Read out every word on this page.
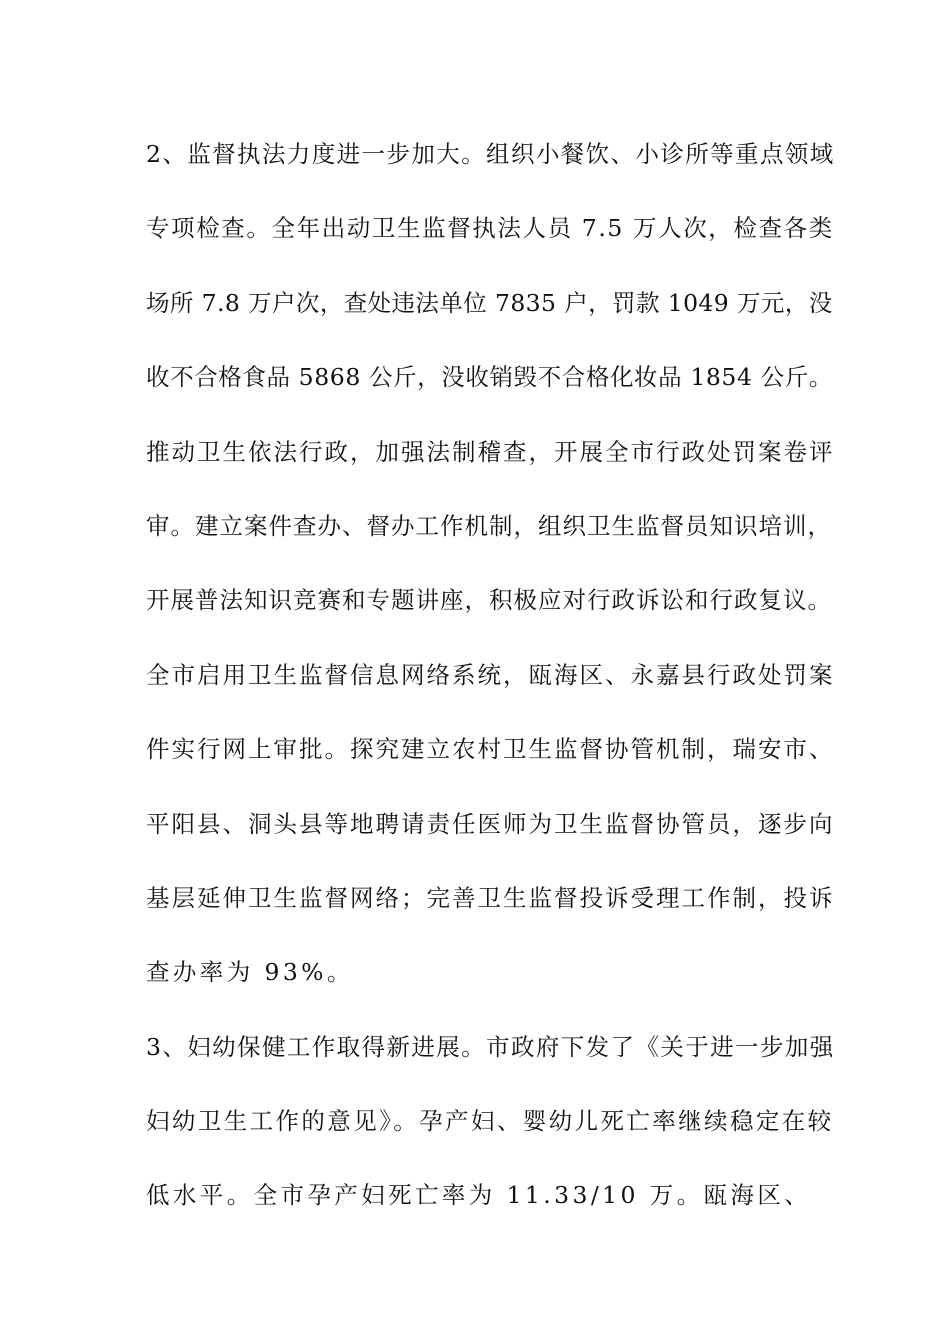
2、监督执法力度进一步加大。组织小餐饮、小诊所等重点领域
专项检查。全年出动卫生监督执法人员 7.5 万人次，检查各类
场所 7.8 万户次，查处违法单位 7835 户，罚款 1049 万元，没
收不合格食品 5868 公斤，没收销毁不合格化妆品 1854 公斤。
推动卫生依法行政，加强法制稽查，开展全市行政处罚案卷评
审。建立案件查办、督办工作机制，组织卫生监督员知识培训，
开展普法知识竞赛和专题讲座，积极应对行政诉讼和行政复议。
全市启用卫生监督信息网络系统，瓯海区、永嘉县行政处罚案
件实行网上审批。探究建立农村卫生监督协管机制，瑞安市、
平阳县、洞头县等地聘请责任医师为卫生监督协管员，逐步向
基层延伸卫生监督网络；完善卫生监督投诉受理工作制，投诉
查办率为 93%。
3、妇幼保健工作取得新进展。市政府下发了《关于进一步加强
妇幼卫生工作的意见》。孕产妇、婴幼儿死亡率继续稳定在较
低水平。全市孕产妇死亡率为 11.33/10 万。瓯海区、
